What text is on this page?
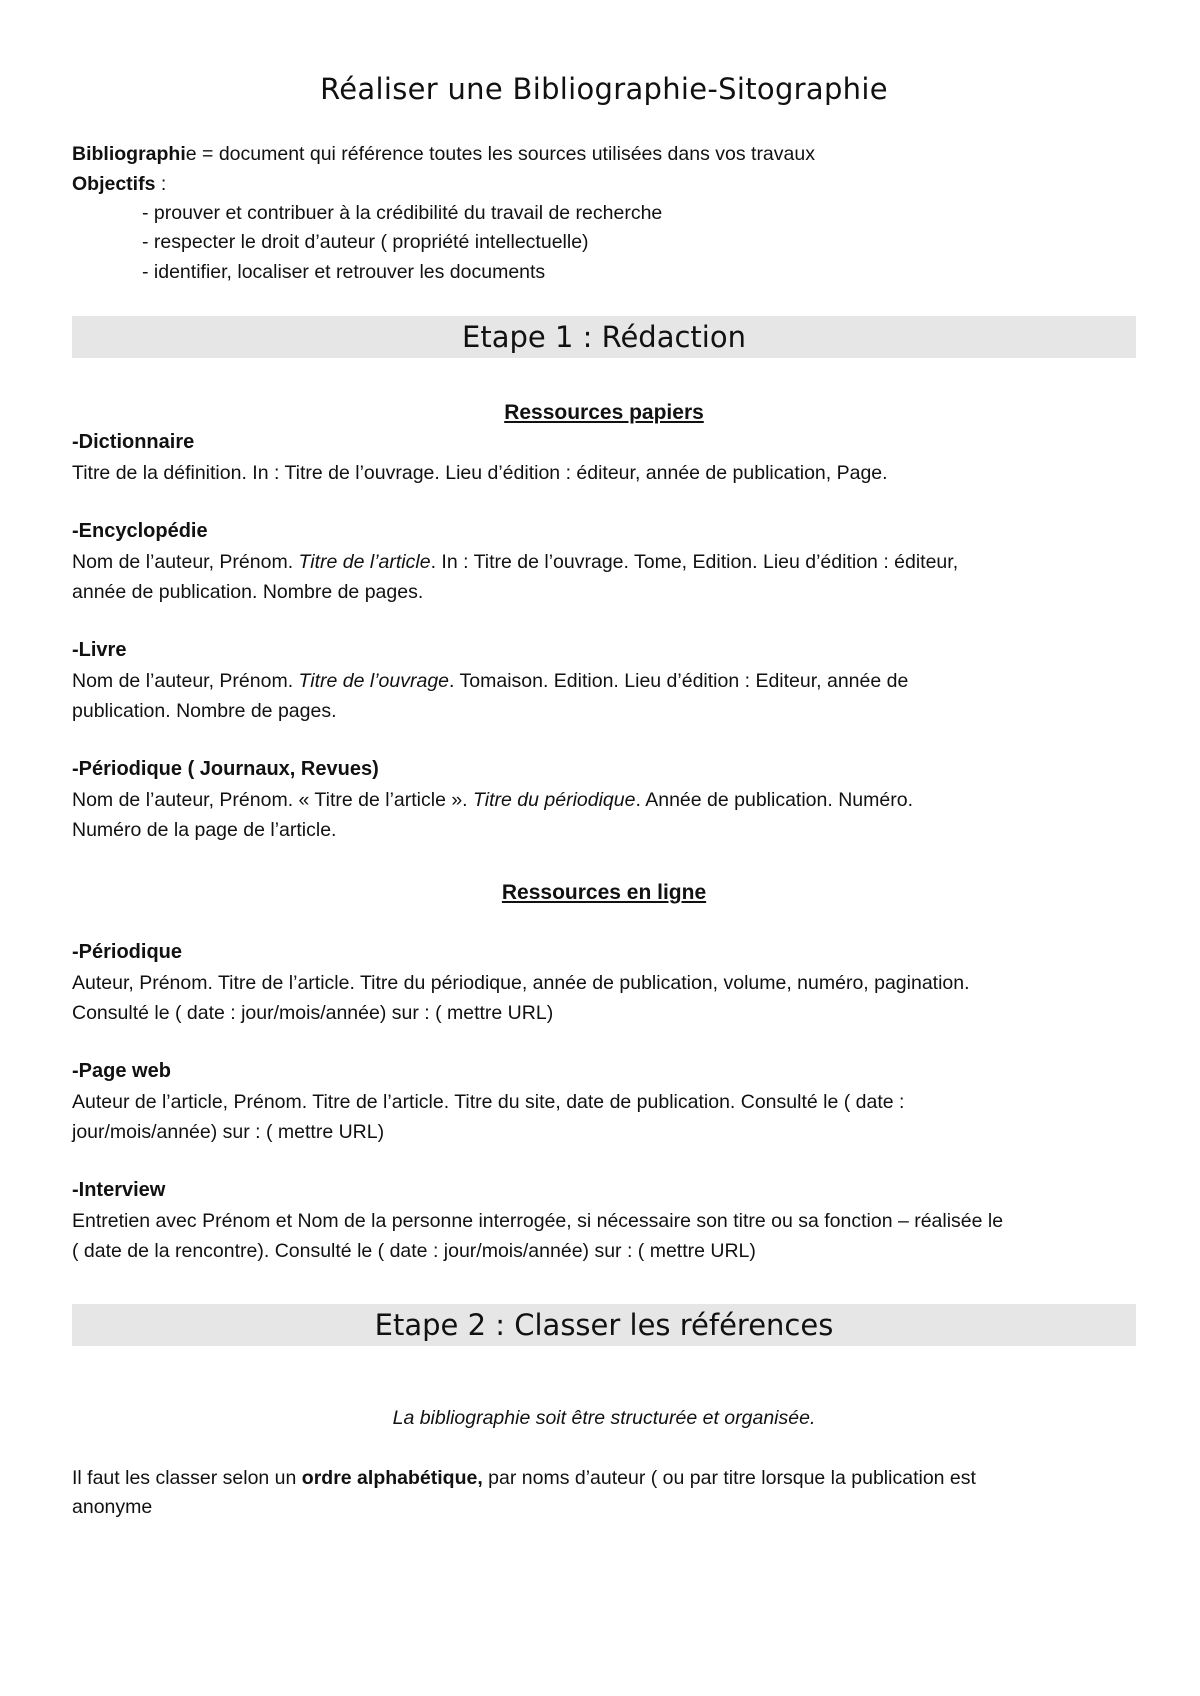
Réaliser une Bibliographie-Sitographie

Bibliographie = document qui référence toutes les sources utilisées dans vos travaux

Objectifs :

- prouver et contribuer à la crédibilité du travail de recherche

- respecter le droit d’auteur ( propriété intellectuelle)

- identifier, localiser et retrouver les documents

Etape 1 : Rédaction
Ressources papiers

-Dictionnaire

Titre de la définition. In : Titre de l’ouvrage. Lieu d’édition : éditeur, année de publication, Page.

-Encyclopédie

Nom de l’auteur, Prénom. Titre de l’article. In : Titre de l’ouvrage. Tome, Edition. Lieu d’édition : éditeur,

année de publication. Nombre de pages.

-Livre

Nom de l’auteur, Prénom. Titre de l’ouvrage. Tomaison. Edition. Lieu d’édition : Editeur, année de

publication. Nombre de pages.

-Périodique ( Journaux, Revues)

Nom de l’auteur, Prénom. « Titre de l’article ». Titre du périodique. Année de publication. Numéro.

Numéro de la page de l’article.

Ressources en ligne

-Périodique

Auteur, Prénom. Titre de l’article. Titre du périodique, année de publication, volume, numéro, pagination.

Consulté le ( date : jour/mois/année) sur : ( mettre URL)

-Page web

Auteur de l’article, Prénom. Titre de l’article. Titre du site, date de publication. Consulté le ( date :

jour/mois/année) sur : ( mettre URL)

-Interview

Entretien avec Prénom et Nom de la personne interrogée, si nécessaire son titre ou sa fonction – réalisée le

( date de la rencontre). Consulté le ( date : jour/mois/année) sur : ( mettre URL)

Etape 2 : Classer les références

La bibliographie soit être structurée et organisée.

Il faut les classer selon un ordre alphabétique, par noms d’auteur ( ou par titre lorsque la publication est

anonyme
